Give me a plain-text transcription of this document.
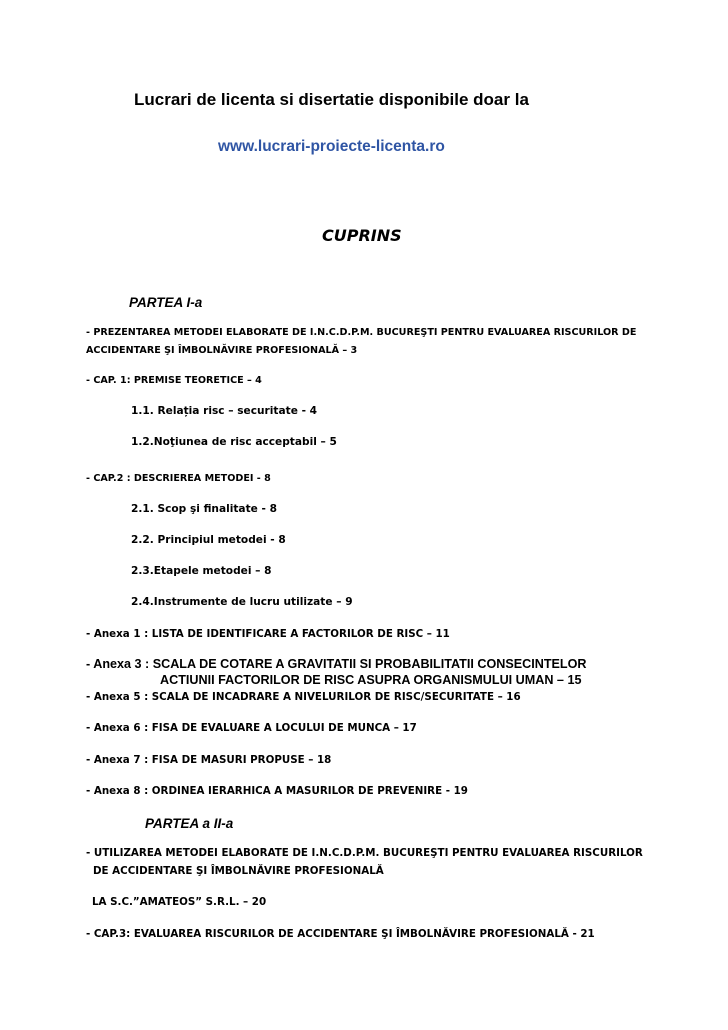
Lucrari de licenta si disertatie disponibile doar la
www.lucrari-proiecte-licenta.ro
CUPRINS
PARTEA I-a
- PREZENTAREA METODEI ELABORATE DE I.N.C.D.P.M. BUCUREŞTI PENTRU EVALUAREA RISCURILOR DE
ACCIDENTARE ŞI ÎMBOLNĂVIRE PROFESIONALĂ – 3
- CAP. 1: PREMISE TEORETICE – 4
1.1. Relația risc – securitate - 4
1.2.Noţiunea de risc acceptabil – 5
- CAP.2 : DESCRIEREA METODEI - 8
2.1. Scop şi finalitate - 8
2.2. Principiul metodei - 8
2.3.Etapele metodei – 8
2.4.Instrumente de lucru utilizate – 9
- Anexa 1 : LISTA DE IDENTIFICARE A FACTORILOR DE RISC – 11
- Anexa 3 : SCALA DE COTARE A GRAVITATII SI PROBABILITATII CONSECINTELOR
ACTIUNII FACTORILOR DE RISC ASUPRA ORGANISMULUI UMAN – 15
- Anexa 5 : SCALA DE INCADRARE A NIVELURILOR DE RISC/SECURITATE – 16
- Anexa 6 : FISA DE EVALUARE A LOCULUI DE MUNCA – 17
- Anexa 7 : FISA DE MASURI PROPUSE – 18
- Anexa 8 : ORDINEA IERARHICA A MASURILOR DE PREVENIRE - 19
PARTEA a II-a
- UTILIZAREA METODEI ELABORATE DE I.N.C.D.P.M. BUCUREŞTI PENTRU EVALUAREA RISCURILOR
DE ACCIDENTARE ŞI ÎMBOLNĂVIRE PROFESIONALĂ
LA S.C.”AMATEOS” S.R.L. – 20
- CAP.3: EVALUAREA RISCURILOR DE ACCIDENTARE ŞI ÎMBOLNĂVIRE PROFESIONALĂ - 21
